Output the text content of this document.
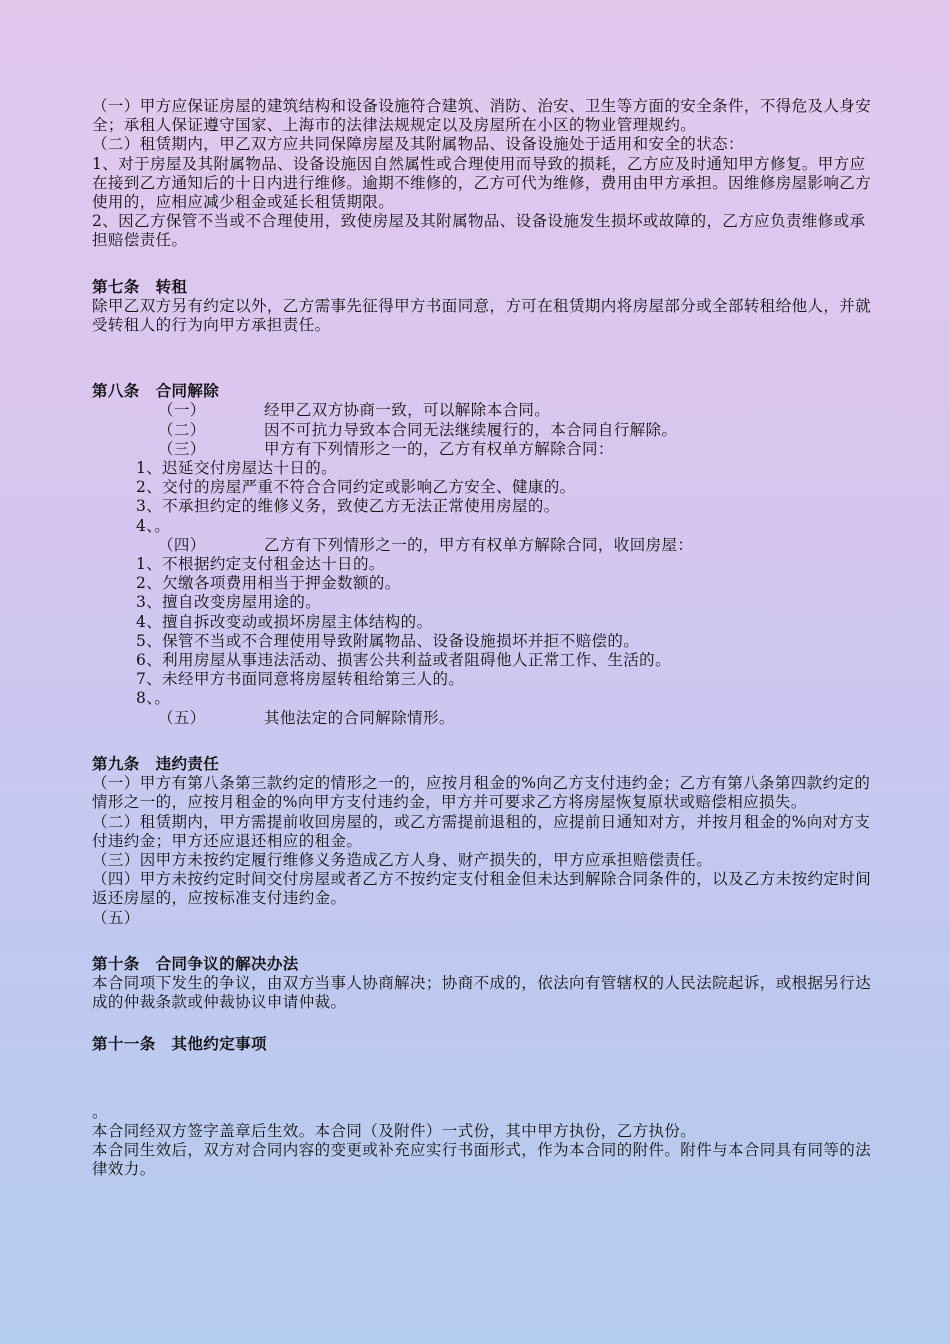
（一）甲方应保证房屋的建筑结构和设备设施符合建筑、消防、治安、卫生等方面的安全条件，不得危及人身安全；承租人保证遵守国家、上海市的法律法规规定以及房屋所在小区的物业管理规约。

（二）租赁期内，甲乙双方应共同保障房屋及其附属物品、设备设施处于适用和安全的状态：

1、对于房屋及其附属物品、设备设施因自然属性或合理使用而导致的损耗，乙方应及时通知甲方修复。甲方应在接到乙方通知后的十日内进行维修。逾期不维修的，乙方可代为维修，费用由甲方承担。因维修房屋影响乙方使用的，应相应减少租金或延长租赁期限。

2、因乙方保管不当或不合理使用，致使房屋及其附属物品、设备设施发生损坏或故障的，乙方应负责维修或承担赔偿责任。

第七条　转租

除甲乙双方另有约定以外，乙方需事先征得甲方书面同意，方可在租赁期内将房屋部分或全部转租给他人，并就受转租人的行为向甲方承担责任。

第八条　合同解除

（一）	经甲乙双方协商一致，可以解除本合同。

（二）	因不可抗力导致本合同无法继续履行的，本合同自行解除。

（三）	甲方有下列情形之一的，乙方有权单方解除合同：

1、迟延交付房屋达十日的。

2、交付的房屋严重不符合合同约定或影响乙方安全、健康的。

3、不承担约定的维修义务，致使乙方无法正常使用房屋的。

4、。

（四）	乙方有下列情形之一的，甲方有权单方解除合同，收回房屋：

1、不根据约定支付租金达十日的。

2、欠缴各项费用相当于押金数额的。

3、擅自改变房屋用途的。

4、擅自拆改变动或损坏房屋主体结构的。

5、保管不当或不合理使用导致附属物品、设备设施损坏并拒不赔偿的。

6、利用房屋从事违法活动、损害公共利益或者阻碍他人正常工作、生活的。

7、未经甲方书面同意将房屋转租给第三人的。

8、。

（五）	其他法定的合同解除情形。

第九条　违约责任

（一）甲方有第八条第三款约定的情形之一的，应按月租金的%向乙方支付违约金；乙方有第八条第四款约定的情形之一的，应按月租金的%向甲方支付违约金，甲方并可要求乙方将房屋恢复原状或赔偿相应损失。

（二）租赁期内，甲方需提前收回房屋的，或乙方需提前退租的，应提前日通知对方，并按月租金的%向对方支付违约金；甲方还应退还相应的租金。

（三）因甲方未按约定履行维修义务造成乙方人身、财产损失的，甲方应承担赔偿责任。

（四）甲方未按约定时间交付房屋或者乙方不按约定支付租金但未达到解除合同条件的，以及乙方未按约定时间返还房屋的，应按标准支付违约金。

（五）

第十条　合同争议的解决办法

本合同项下发生的争议，由双方当事人协商解决；协商不成的，依法向有管辖权的人民法院起诉，或根据另行达成的仲裁条款或仲裁协议申请仲裁。

第十一条　其他约定事项

。

本合同经双方签字盖章后生效。本合同（及附件）一式份，其中甲方执份，乙方执份。

本合同生效后，双方对合同内容的变更或补充应实行书面形式，作为本合同的附件。附件与本合同具有同等的法律效力。
